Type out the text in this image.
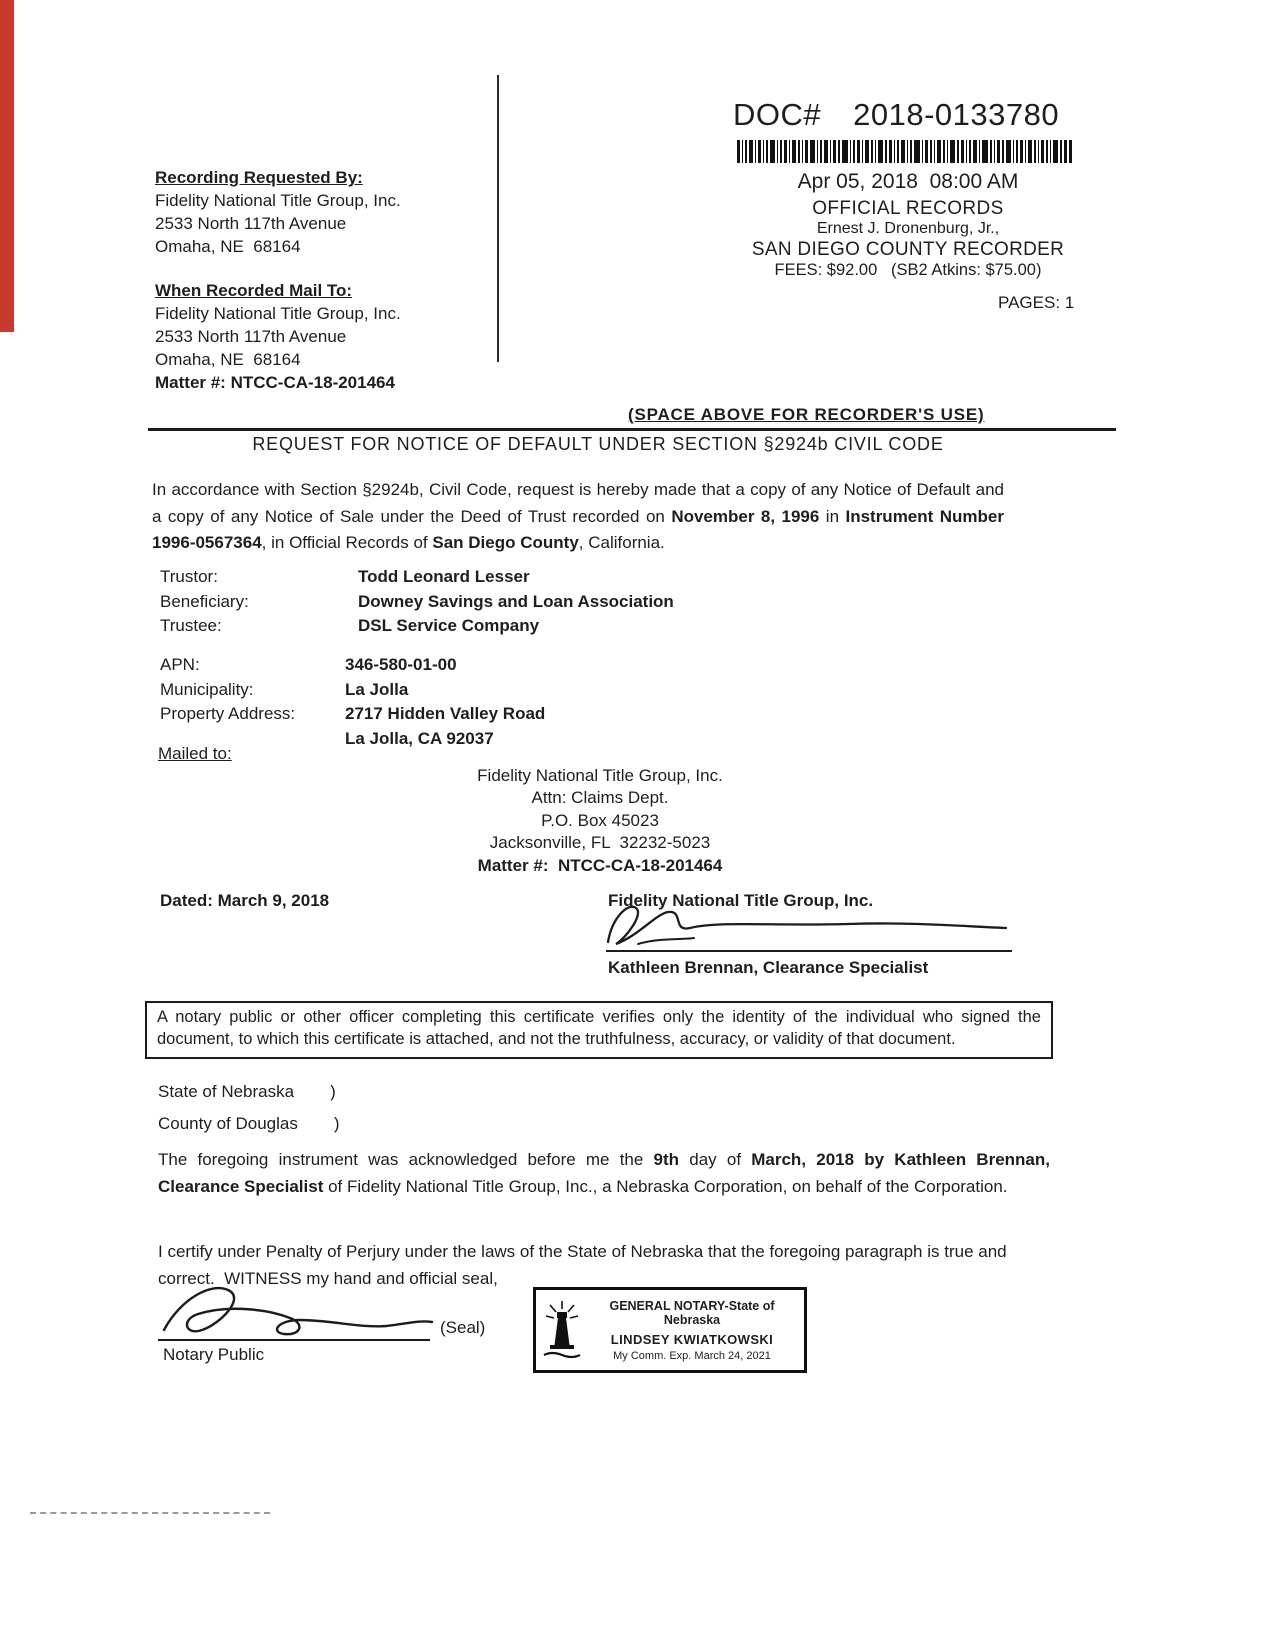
Recording Requested By:
Fidelity National Title Group, Inc.
2533 North 117th Avenue
Omaha, NE  68164
When Recorded Mail To:
Fidelity National Title Group, Inc.
2533 North 117th Avenue
Omaha, NE  68164
Matter #: NTCC-CA-18-201464
DOC# 2018-0133780
Apr 05, 2018  08:00 AM
OFFICIAL RECORDS
Ernest J. Dronenburg, Jr.,
SAN DIEGO COUNTY RECORDER
FEES: $92.00   (SB2 Atkins: $75.00)
PAGES: 1
(SPACE ABOVE FOR RECORDER'S USE)
REQUEST FOR NOTICE OF DEFAULT UNDER SECTION §2924b CIVIL CODE

In accordance with Section §2924b, Civil Code, request is hereby made that a copy of any Notice of Default and a copy of any Notice of Sale under the Deed of Trust recorded on November 8, 1996 in Instrument Number 1996-0567364, in Official Records of San Diego County, California.

Trustor:	Todd Leonard Lesser
Beneficiary:	Downey Savings and Loan Association
Trustee:	DSL Service Company
APN:	346-580-01-00
Municipality:	La Jolla
Property Address:	2717 Hidden Valley Road
La Jolla, CA 92037
Mailed to:
Fidelity National Title Group, Inc.
Attn: Claims Dept.
P.O. Box 45023
Jacksonville, FL  32232-5023
Matter #:  NTCC-CA-18-201464
Dated: March 9, 2018	Fidelity National Title Group, Inc.
Kathleen Brennan, Clearance Specialist
A notary public or other officer completing this certificate verifies only the identity of the individual who signed the document, to which this certificate is attached, and not the truthfulness, accuracy, or validity of that document.
State of Nebraska )
County of Douglas )

The foregoing instrument was acknowledged before me the 9th day of March, 2018 by Kathleen Brennan, Clearance Specialist of Fidelity National Title Group, Inc., a Nebraska Corporation, on behalf of the Corporation.

I certify under Penalty of Perjury under the laws of the State of Nebraska that the foregoing paragraph is true and correct.  WITNESS my hand and official seal,

(Seal)
Notary Public
GENERAL NOTARY-State of Nebraska
LINDSEY KWIATKOWSKI
My Comm. Exp. March 24, 2021
